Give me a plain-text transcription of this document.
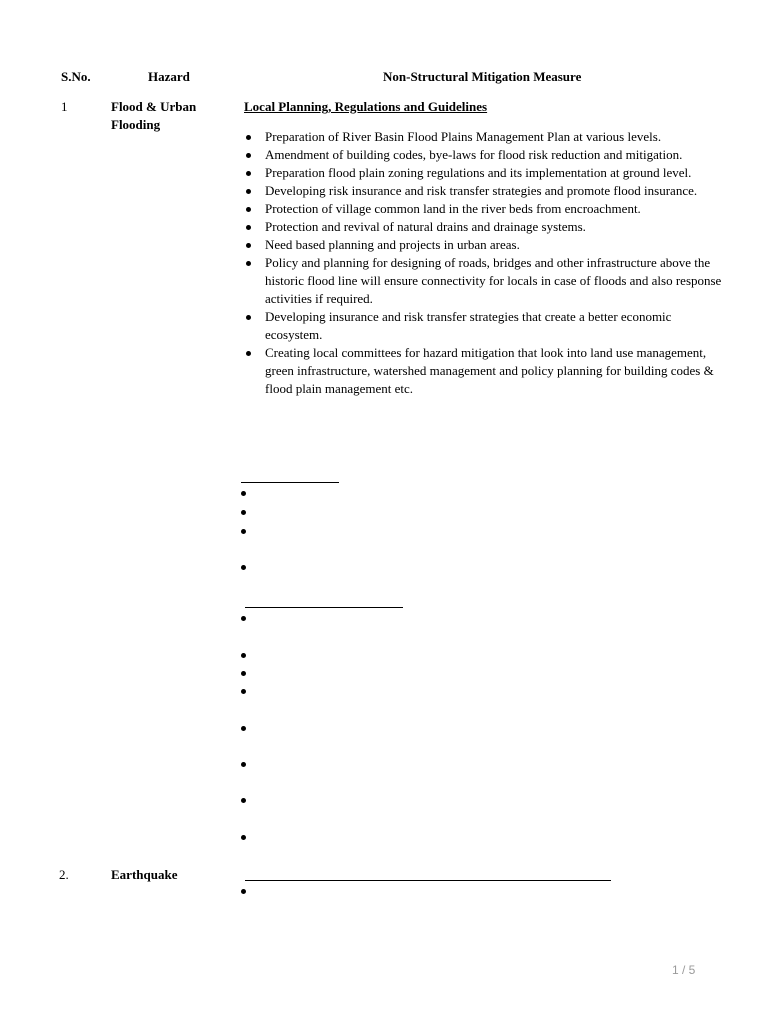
S.No.	Hazard	Non-Structural Mitigation Measure
1	Flood & Urban
Flooding
Local Planning, Regulations and Guidelines
Preparation of River Basin Flood Plains Management Plan at various levels.
Amendment of building codes, bye-laws for flood risk reduction and mitigation.
Preparation flood plain zoning regulations and its implementation at ground level.
Developing risk insurance and risk transfer strategies and promote flood insurance.
Protection of village common land in the river beds from encroachment.
Protection and revival of natural drains and drainage systems.
Need based planning and projects in urban areas.
Policy and planning for designing of roads, bridges and other infrastructure above the historic flood line will ensure connectivity for locals in case of floods and also response activities if required.
Developing insurance and risk transfer strategies that create a better economic ecosystem.
Creating local committees for hazard mitigation that look into land use management, green infrastructure, watershed management and policy planning for building codes & flood plain management etc.
2.	Earthquake
1 / 5
